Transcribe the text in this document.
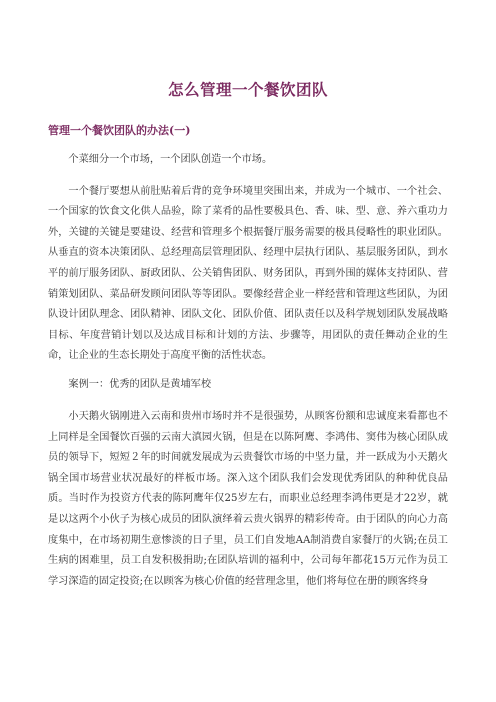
怎么管理一个餐饮团队
管理一个餐饮团队的办法(一)

个菜细分一个市场，一个团队创造一个市场。

一个餐厅要想从前肚贴着后背的竞争环境里突围出来，并成为一个城市、一个社会、一个国家的饮食文化供人品验，除了菜肴的品性要极具色、香、味、型、意、养六重功力外，关键的关键是要建设、经营和管理多个根据餐厅服务需要的极具侵略性的职业团队。从垂直的资本决策团队、总经理高层管理团队、经理中层执行团队、基层服务团队，到水平的前厅服务团队、厨政团队、公关销售团队、财务团队，再到外围的媒体支持团队、营销策划团队、菜品研发顾问团队等等团队。要像经营企业一样经营和管理这些团队，为团队设计团队理念、团队精神、团队文化、团队价值、团队责任以及科学规划团队发展战略目标、年度营销计划以及达成目标和计划的方法、步骤等，用团队的责任舞动企业的生命，让企业的生态长期处于高度平衡的活性状态。

案例一：优秀的团队是黄埔军校

小天鹅火锅刚进入云南和贵州市场时并不是很强势，从顾客份额和忠诚度来看都也不上同样是全国餐饮百强的云南大滇园火锅，但是在以陈阿鹰、李鸿伟、窦伟为核心团队成员的领导下，短短２年的时间就发展成为云贵餐饮市场的中坚力量，并一跃成为小天鹅火锅全国市场营业状况最好的样板市场。深入这个团队我们会发现优秀团队的种种优良品质。当时作为投资方代表的陈阿鹰年仅25岁左右，而职业总经理李鸿伟更是才22岁，就是以这两个小伙子为核心成员的团队演绎着云贵火锅界的精彩传奇。由于团队的向心力高度集中，在市场初期生意惨淡的日子里，员工们自发地AA制消费自家餐厅的火锅;在员工生病的困难里，员工自发积极捐助;在团队培训的福利中，公司每年都花15万元作为员工学习深造的固定投资;在以顾客为核心价值的经营理念里，他们将每位在册的顾客终身
